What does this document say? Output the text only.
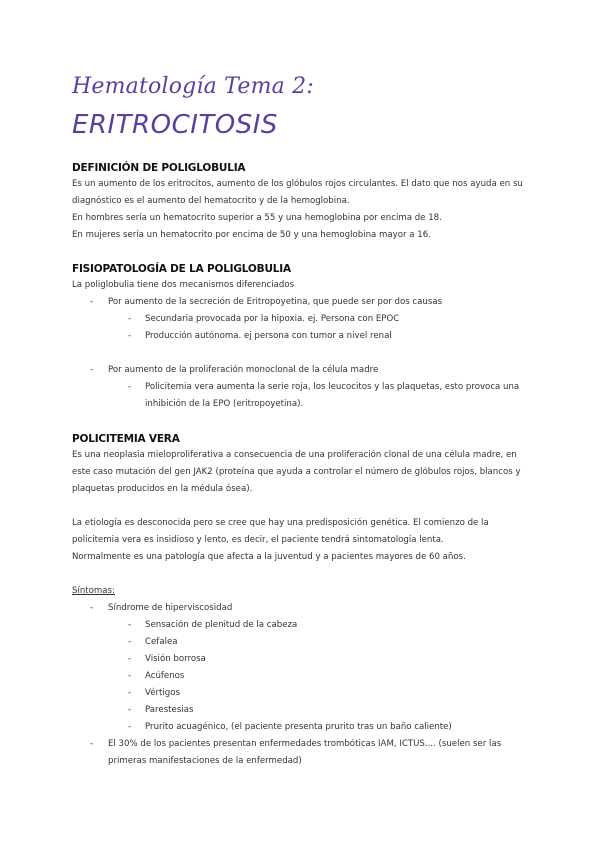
Hematología Tema 2:
ERITROCITOSIS
DEFINICIÓN DE POLIGLOBULIA

Es un aumento de los eritrocitos, aumento de los glóbulos rojos circulantes. El dato que nos ayuda en su diagnóstico es el aumento del hematocrito y de la hemoglobina.

En hombres sería un hematocrito superior a 55 y una hemoglobina por encima de 18.

En mujeres sería un hematocrito por encima de 50 y una hemoglobina mayor a 16.

FISIOPATOLOGÍA DE LA POLIGLOBULIA

La poliglobulia tiene dos mecanismos diferenciados

- Por aumento de la secreción de Eritropoyetina, que puede ser por dos causas
- Secundaria provocada por la hipoxia. ej. Persona con EPOC
- Producción autónoma. ej persona con tumor a nivel renal
- Por aumento de la proliferación monoclonal de la célula madre
- Policitemia vera aumenta la serie roja, los leucocitos y las plaquetas, esto provoca una
inhibición de la EPO (eritropoyetina).
POLICITEMIA VERA

Es una neoplasia mieloproliferativa a consecuencia de una proliferación clonal de una célula madre, en este caso mutación del gen JAK2 (proteína que ayuda a controlar el número de glóbulos rojos, blancos y plaquetas producidos en la médula ósea).

La etiología es desconocida pero se cree que hay una predisposición genética. El comienzo de la policitemia vera es insidioso y lento, es decir, el paciente tendrá sintomatología lenta.

Normalmente es una patología que afecta a la juventud y a pacientes mayores de 60 años.

Síntomas:
- Síndrome de hiperviscosidad
- Sensación de plenitud de la cabeza
- Cefalea
- Visión borrosa
- Acúfenos
- Vértigos
- Parestesias
- Prurito acuagénico, (el paciente presenta prurito tras un baño caliente)
- El 30% de los pacientes presentan enfermedades trombóticas IAM, ICTUS.... (suelen ser las
primeras manifestaciones de la enfermedad)
